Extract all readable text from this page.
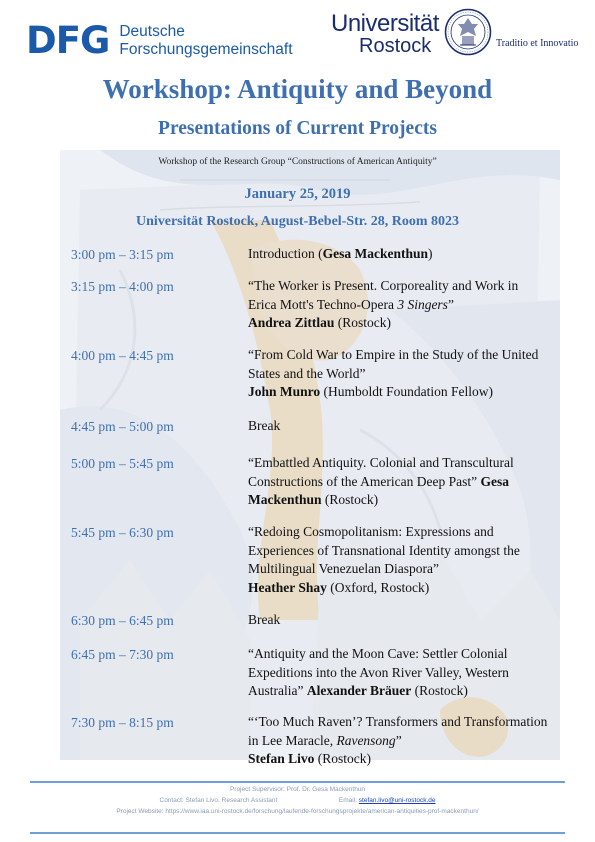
DFG Deutsche
Forschungsgemeinschaft
Universität
Rostock	Traditio et Innovatio
Workshop: Antiquity and Beyond
Presentations of Current Projects
Workshop of the Research Group “Constructions of American Antiquity”
January 25, 2019
Universität Rostock, August-Bebel-Str. 28, Room 8023
3:00 pm – 3:15 pm	Introduction (Gesa Mackenthun)
3:15 pm – 4:00 pm	“The Worker is Present. Corporeality and Work in Erica Mott's Techno-Opera 3 Singers”
Andrea Zittlau (Rostock)
4:00 pm – 4:45 pm	“From Cold War to Empire in the Study of the United States and the World”
John Munro (Humboldt Foundation Fellow)
4:45 pm – 5:00 pm	Break
5:00 pm – 5:45 pm	“Embattled Antiquity. Colonial and Transcultural Constructions of the American Deep Past” Gesa Mackenthun (Rostock)
5:45 pm – 6:30 pm	“Redoing Cosmopolitanism: Expressions and Experiences of Transnational Identity amongst the Multilingual Venezuelan Diaspora”
Heather Shay (Oxford, Rostock)
6:30 pm – 6:45 pm	Break
6:45 pm – 7:30 pm	“Antiquity and the Moon Cave: Settler Colonial Expeditions into the Avon River Valley, Western Australia” Alexander Bräuer (Rostock)
7:30 pm – 8:15 pm	“‘Too Much Raven’? Transformers and Transformation in Lee Maracle, Ravensong”
Stefan Livo (Rostock)
Project Supervisor: Prof. Dr. Gesa Mackenthun
Contact: Stefan Livo, Research Assistant	Email: stefan.livo@uni-rostock.de
Project Website: https://www.iaa.uni-rostock.de/forschung/laufende-forschungsprojekte/american-antiquities-prof-mackenthun/
